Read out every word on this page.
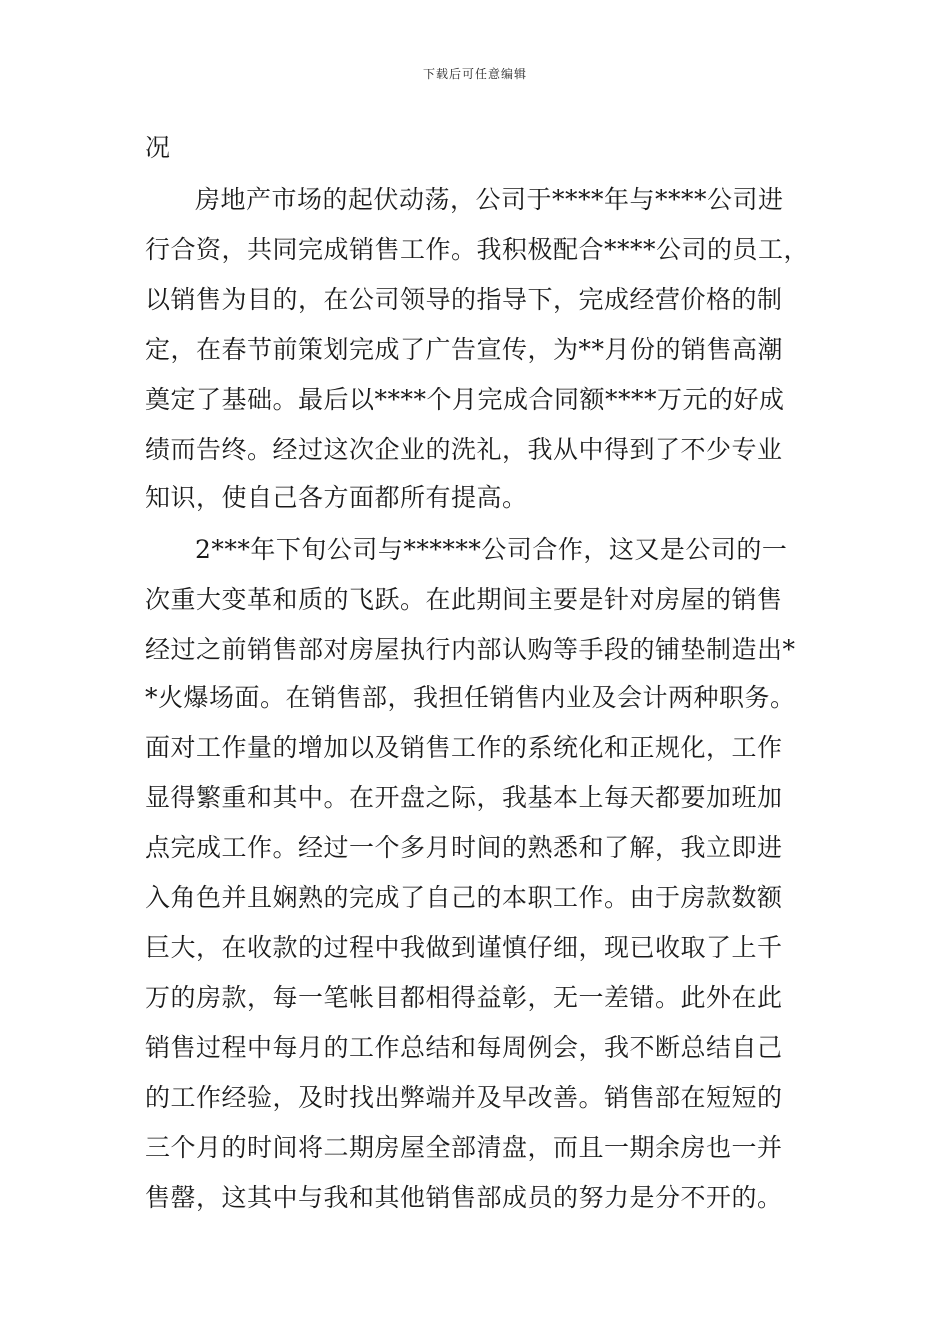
下载后可任意编辑
况
房地产市场的起伏动荡，公司于****年与****公司进
行合资，共同完成销售工作。我积极配合****公司的员工，
以销售为目的，在公司领导的指导下，完成经营价格的制
定，在春节前策划完成了广告宣传，为**月份的销售高潮
奠定了基础。最后以****个月完成合同额****万元的好成
绩而告终。经过这次企业的洗礼，我从中得到了不少专业
知识，使自己各方面都所有提高。
2***年下旬公司与******公司合作，这又是公司的一
次重大变革和质的飞跃。在此期间主要是针对房屋的销售
经过之前销售部对房屋执行内部认购等手段的铺垫制造出*
*火爆场面。在销售部，我担任销售内业及会计两种职务。
面对工作量的增加以及销售工作的系统化和正规化，工作
显得繁重和其中。在开盘之际，我基本上每天都要加班加
点完成工作。经过一个多月时间的熟悉和了解，我立即进
入角色并且娴熟的完成了自己的本职工作。由于房款数额
巨大，在收款的过程中我做到谨慎仔细，现已收取了上千
万的房款，每一笔帐目都相得益彰，无一差错。此外在此
销售过程中每月的工作总结和每周例会，我不断总结自己
的工作经验，及时找出弊端并及早改善。销售部在短短的
三个月的时间将二期房屋全部清盘，而且一期余房也一并
售罄，这其中与我和其他销售部成员的努力是分不开的。
